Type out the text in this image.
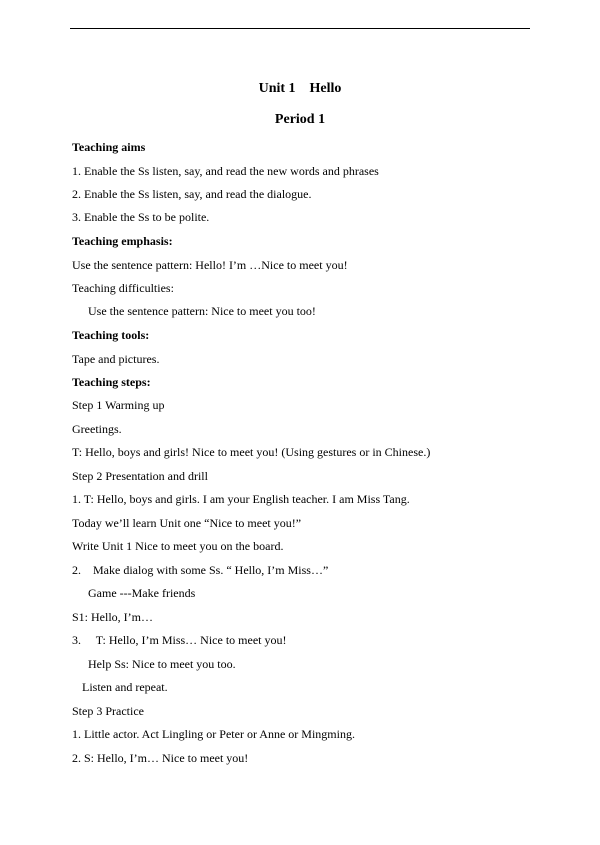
Unit 1    Hello
Period 1
Teaching aims
1. Enable the Ss listen, say, and read the new words and phrases
2. Enable the Ss listen, say, and read the dialogue.
3. Enable the Ss to be polite.
Teaching emphasis:
Use the sentence pattern: Hello! I’m …Nice to meet you!
Teaching difficulties:
Use the sentence pattern: Nice to meet you too!
Teaching tools:
Tape and pictures.
Teaching steps:
Step 1 Warming up
Greetings.
T: Hello, boys and girls! Nice to meet you! (Using gestures or in Chinese.)
Step 2 Presentation and drill
1. T: Hello, boys and girls. I am your English teacher. I am Miss Tang.
Today we’ll learn Unit one “Nice to meet you!”
Write Unit 1 Nice to meet you on the board.
2.    Make dialog with some Ss. “ Hello, I’m Miss…”
Game ---Make friends
S1: Hello, I’m…
3.     T: Hello, I’m Miss… Nice to meet you!
Help Ss: Nice to meet you too.
Listen and repeat.
Step 3 Practice
1. Little actor. Act Lingling or Peter or Anne or Mingming.
2. S: Hello, I’m… Nice to meet you!
